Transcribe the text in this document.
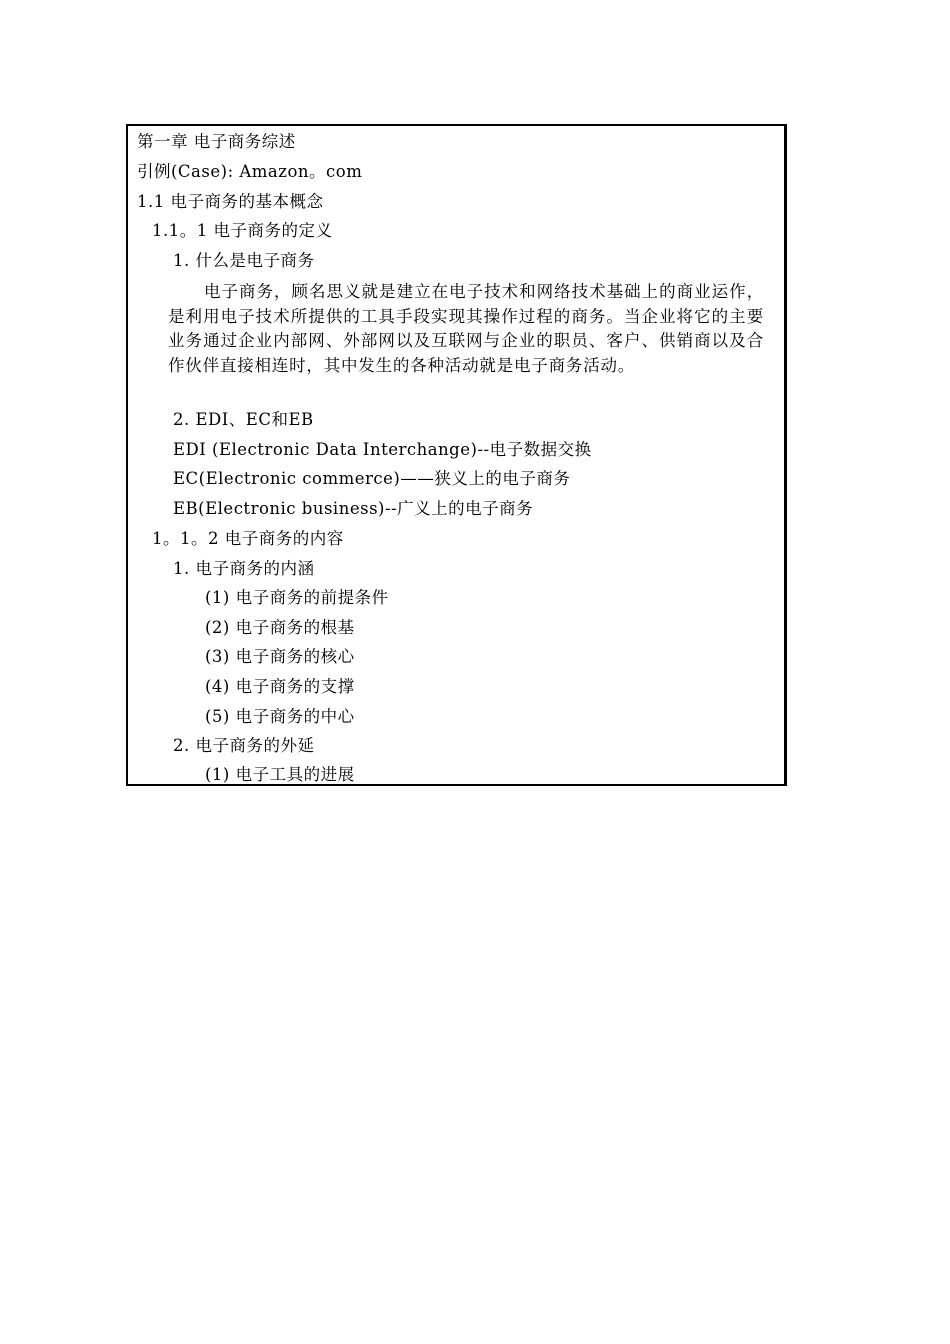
第一章 电子商务综述
引例(Case): Amazon。com
1.1 电子商务的基本概念
1.1。1 电子商务的定义
1. 什么是电子商务
电子商务，顾名思义就是建立在电子技术和网络技术基础上的商业运作，是利用电子技术所提供的工具手段实现其操作过程的商务。当企业将它的主要业务通过企业内部网、外部网以及互联网与企业的职员、客户、供销商以及合作伙伴直接相连时，其中发生的各种活动就是电子商务活动。
2. EDI、EC和EB
EDI (Electronic Data Interchange)--电子数据交换
EC(Electronic commerce)——狭义上的电子商务
EB(Electronic business)--广义上的电子商务
1。1。2 电子商务的内容
1. 电子商务的内涵
(1) 电子商务的前提条件
(2) 电子商务的根基
(3) 电子商务的核心
(4) 电子商务的支撑
(5) 电子商务的中心
2. 电子商务的外延
(1) 电子工具的进展
